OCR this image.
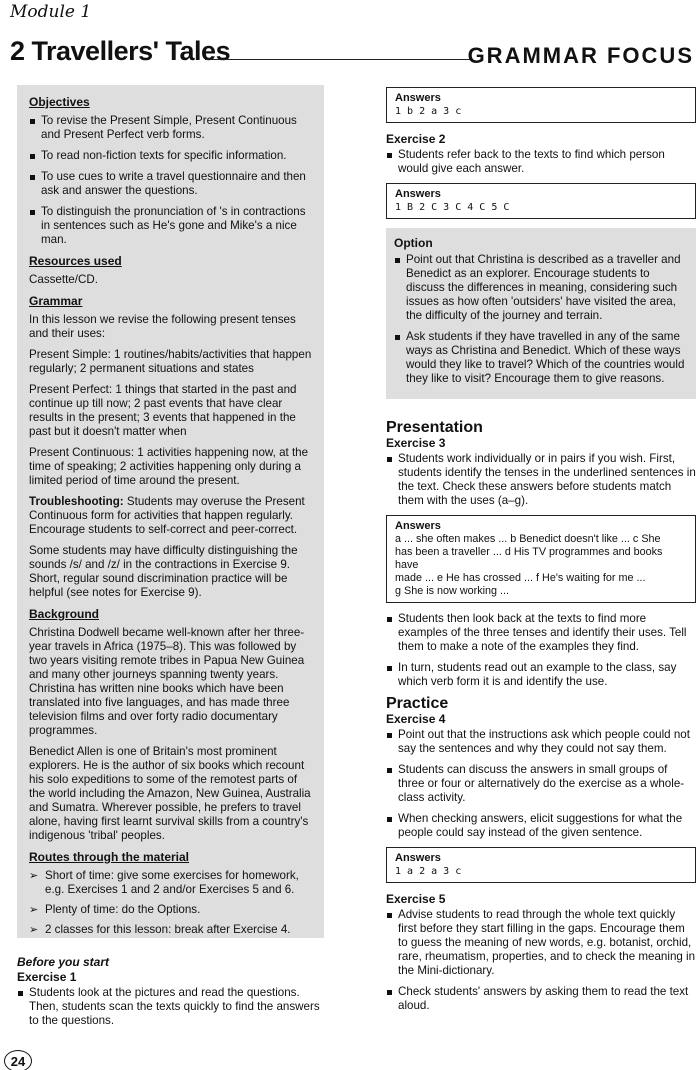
Module 1
2 Travellers' Tales	GRAMMAR FOCUS
Objectives
To revise the Present Simple, Present Continuous and Present Perfect verb forms.
To read non-fiction texts for specific information.
To use cues to write a travel questionnaire and then ask and answer the questions.
To distinguish the pronunciation of 's in contractions in sentences such as He's gone and Mike's a nice man.
Resources used
Cassette/CD.
Grammar
In this lesson we revise the following present tenses and their uses:
Present Simple: 1 routines/habits/activities that happen regularly; 2 permanent situations and states
Present Perfect: 1 things that started in the past and continue up till now; 2 past events that have clear results in the present; 3 events that happened in the past but it doesn't matter when
Present Continuous: 1 activities happening now, at the time of speaking; 2 activities happening only during a limited period of time around the present.
Troubleshooting: Students may overuse the Present Continuous form for activities that happen regularly. Encourage students to self-correct and peer-correct.
Some students may have difficulty distinguishing the sounds /s/ and /z/ in the contractions in Exercise 9. Short, regular sound discrimination practice will be helpful (see notes for Exercise 9).
Background
Christina Dodwell became well-known after her three-year travels in Africa (1975–8). This was followed by two years visiting remote tribes in Papua New Guinea and many other journeys spanning twenty years. Christina has written nine books which have been translated into five languages, and has made three television films and over forty radio documentary programmes.
Benedict Allen is one of Britain's most prominent explorers. He is the author of six books which recount his solo expeditions to some of the remotest parts of the world including the Amazon, New Guinea, Australia and Sumatra. Wherever possible, he prefers to travel alone, having first learnt survival skills from a country's indigenous 'tribal' peoples.
Routes through the material
➢ Short of time: give some exercises for homework, e.g. Exercises 1 and 2 and/or Exercises 5 and 6.
➢ Plenty of time: do the Options.
➢ 2 classes for this lesson: break after Exercise 4.
Before you start
Exercise 1
Students look at the pictures and read the questions. Then, students scan the texts quickly to find the answers to the questions.
Answers
1 b 2 a 3 c
Exercise 2
Students refer back to the texts to find which person would give each answer.
Answers
1 B 2 C 3 C 4 C 5 C
Option
Point out that Christina is described as a traveller and Benedict as an explorer. Encourage students to discuss the differences in meaning, considering such issues as how often 'outsiders' have visited the area, the difficulty of the journey and terrain.
Ask students if they have travelled in any of the same ways as Christina and Benedict. Which of these ways would they like to travel? Which of the countries would they like to visit? Encourage them to give reasons.
Presentation
Exercise 3
Students work individually or in pairs if you wish. First, students identify the tenses in the underlined sentences in the text. Check these answers before students match them with the uses (a–g).
Answers
a ... she often makes ... b Benedict doesn't like ... c She
has been a traveller ... d His TV programmes and books have
made ... e He has crossed ... f He's waiting for me ...
g She is now working ...
Students then look back at the texts to find more examples of the three tenses and identify their uses. Tell them to make a note of the examples they find.
In turn, students read out an example to the class, say which verb form it is and identify the use.
Practice
Exercise 4
Point out that the instructions ask which people could not say the sentences and why they could not say them.
Students can discuss the answers in small groups of three or four or alternatively do the exercise as a whole-class activity.
When checking answers, elicit suggestions for what the people could say instead of the given sentence.
Answers
1 a 2 a 3 c
Exercise 5
Advise students to read through the whole text quickly first before they start filling in the gaps. Encourage them to guess the meaning of new words, e.g. botanist, orchid, rare, rheumatism, properties, and to check the meaning in the Mini-dictionary.
Check students' answers by asking them to read the text aloud.
24
